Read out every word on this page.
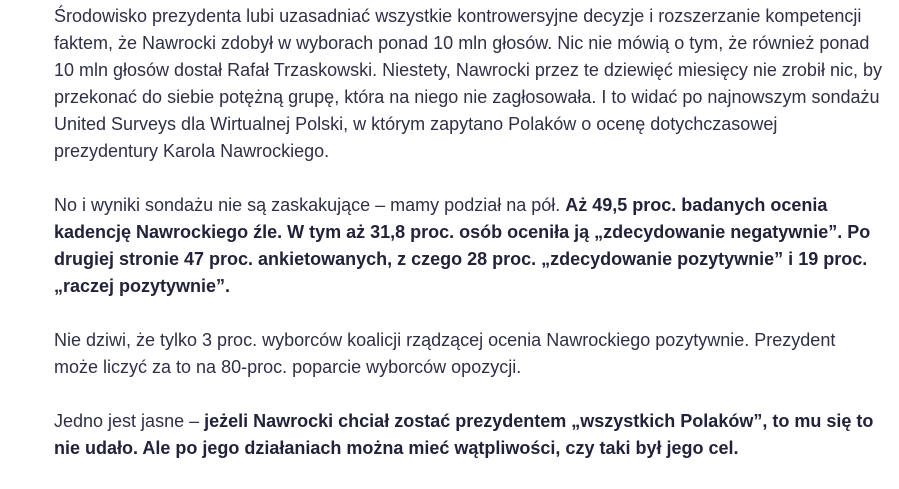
Środowisko prezydenta lubi uzasadniać wszystkie kontrowersyjne decyzje i rozszerzanie kompetencji faktem, że Nawrocki zdobył w wyborach ponad 10 mln głosów. Nic nie mówią o tym, że również ponad 10 mln głosów dostał Rafał Trzaskowski. Niestety, Nawrocki przez te dziewięć miesięcy nie zrobił nic, by przekonać do siebie potężną grupę, która na niego nie zagłosowała. I to widać po najnowszym sondażu United Surveys dla Wirtualnej Polski, w którym zapytano Polaków o ocenę dotychczasowej prezydentury Karola Nawrockiego.

No i wyniki sondażu nie są zaskakujące – mamy podział na pół. Aż 49,5 proc. badanych ocenia kadencję Nawrockiego źle. W tym aż 31,8 proc. osób oceniła ją „zdecydowanie negatywnie”. Po drugiej stronie 47 proc. ankietowanych, z czego 28 proc. „zdecydowanie pozytywnie” i 19 proc. „raczej pozytywnie”.

Nie dziwi, że tylko 3 proc. wyborców koalicji rządzącej ocenia Nawrockiego pozytywnie. Prezydent może liczyć za to na 80-proc. poparcie wyborców opozycji.

Jedno jest jasne – jeżeli Nawrocki chciał zostać prezydentem „wszystkich Polaków”, to mu się to nie udało. Ale po jego działaniach można mieć wątpliwości, czy taki był jego cel.
